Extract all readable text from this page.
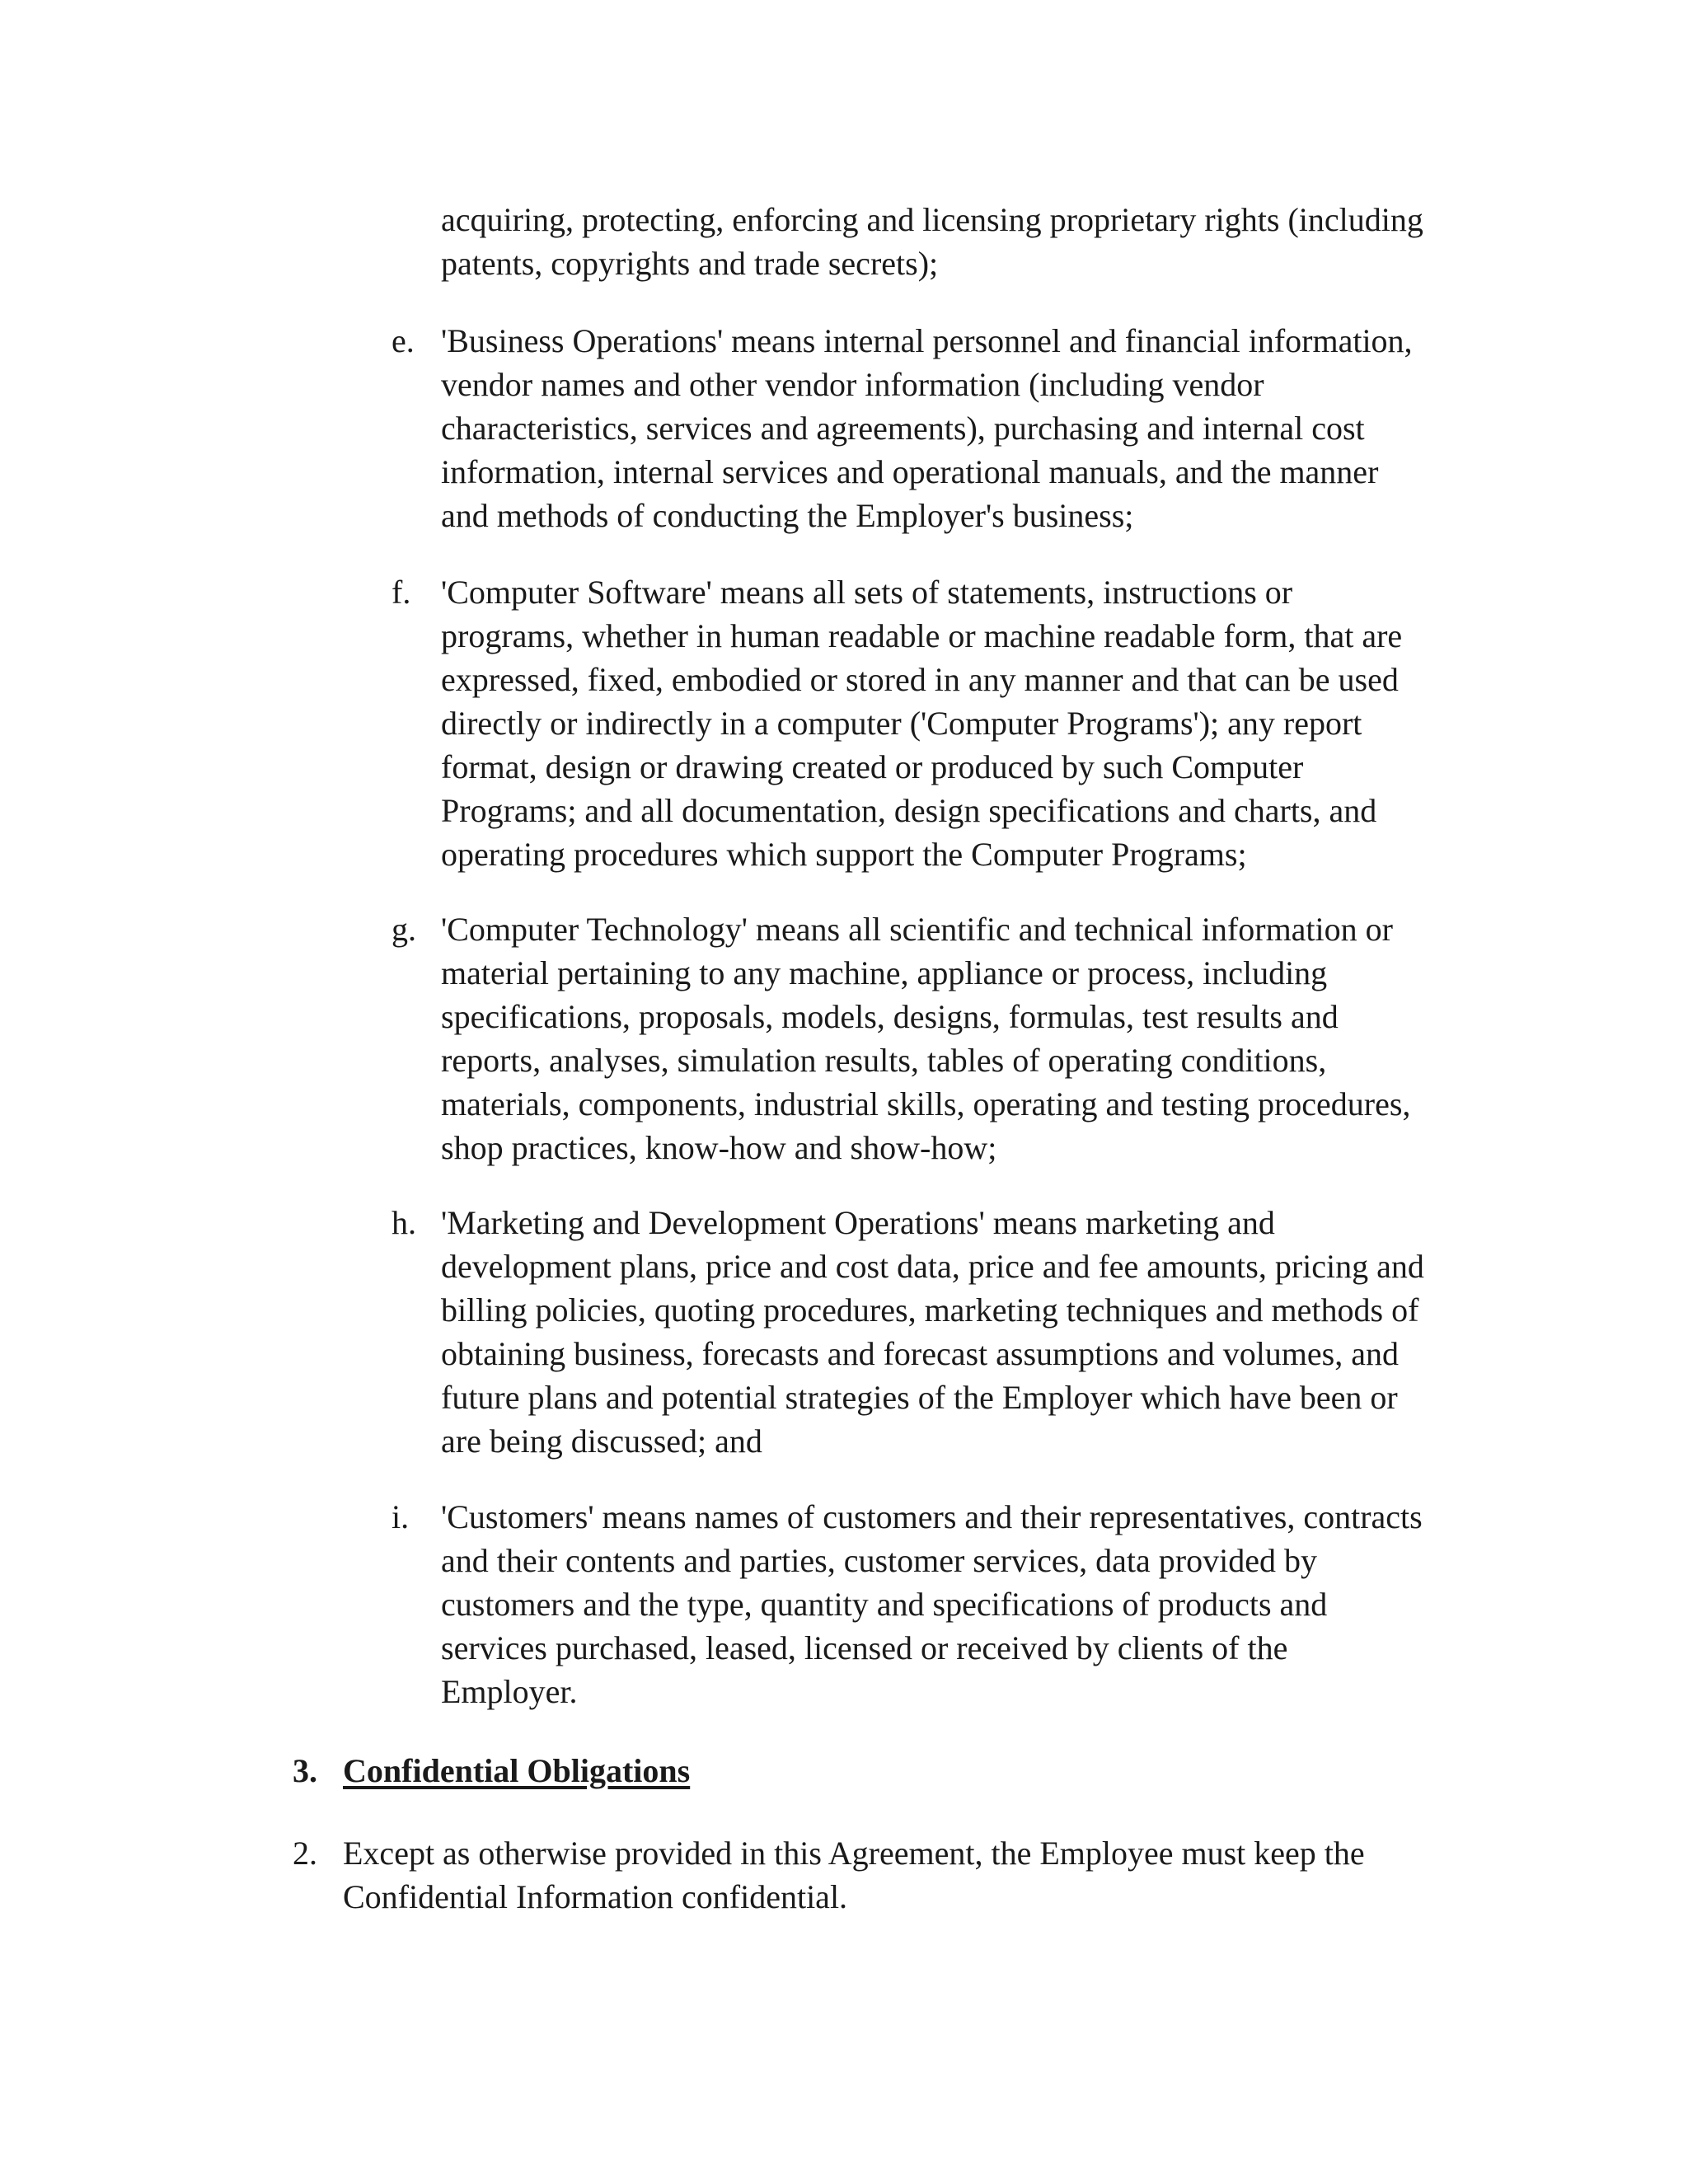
acquiring, protecting, enforcing and licensing proprietary rights (including patents, copyrights and trade secrets);

e. 'Business Operations' means internal personnel and financial information, vendor names and other vendor information (including vendor characteristics, services and agreements), purchasing and internal cost information, internal services and operational manuals, and the manner and methods of conducting the Employer's business;

f. 'Computer Software' means all sets of statements, instructions or programs, whether in human readable or machine readable form, that are expressed, fixed, embodied or stored in any manner and that can be used directly or indirectly in a computer ('Computer Programs'); any report format, design or drawing created or produced by such Computer Programs; and all documentation, design specifications and charts, and operating procedures which support the Computer Programs;

g. 'Computer Technology' means all scientific and technical information or material pertaining to any machine, appliance or process, including specifications, proposals, models, designs, formulas, test results and reports, analyses, simulation results, tables of operating conditions, materials, components, industrial skills, operating and testing procedures, shop practices, know-how and show-how;

h. 'Marketing and Development Operations' means marketing and development plans, price and cost data, price and fee amounts, pricing and billing policies, quoting procedures, marketing techniques and methods of obtaining business, forecasts and forecast assumptions and volumes, and future plans and potential strategies of the Employer which have been or are being discussed; and

i. 'Customers' means names of customers and their representatives, contracts and their contents and parties, customer services, data provided by customers and the type, quantity and specifications of products and services purchased, leased, licensed or received by clients of the Employer.

3. Confidential Obligations

2. Except as otherwise provided in this Agreement, the Employee must keep the Confidential Information confidential.
